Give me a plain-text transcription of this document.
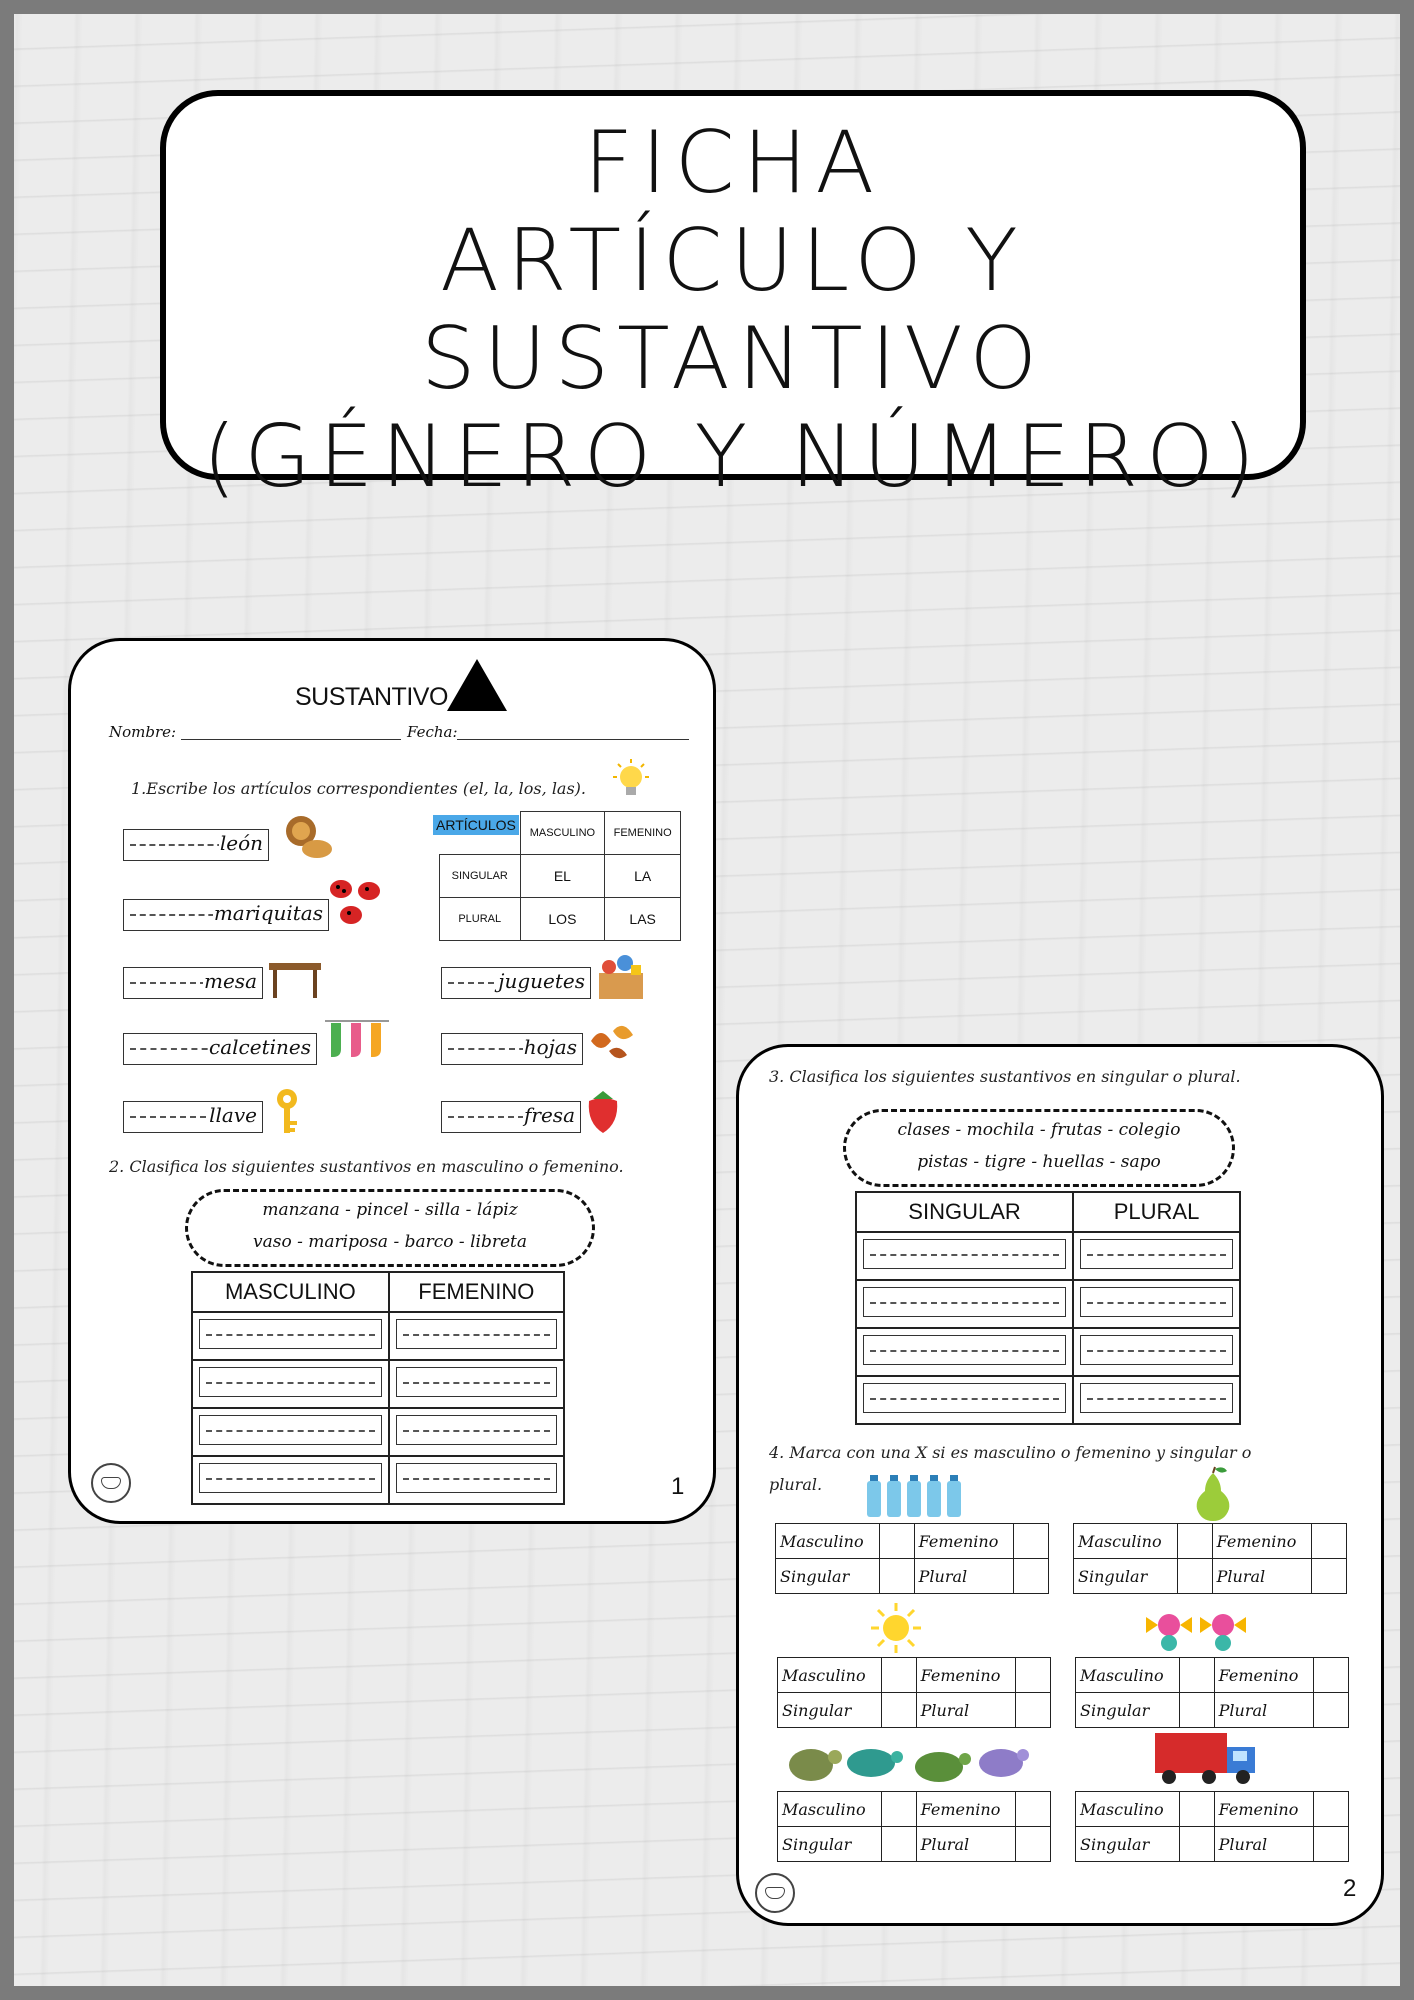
FICHA
ARTÍCULO Y SUSTANTIVO
(GÉNERO Y NÚMERO)
SUSTANTIVO
Nombre:	Fecha:
1.Escribe los artículos correspondientes (el, la, los, las).
león
mariquitas
mesa
calcetines
llave
ARTÍCULOS
	MASCULINO	FEMENINO
SINGULAR	EL	LA
PLURAL	LOS	LAS
juguetes
hojas
fresa
2. Clasifica los siguientes sustantivos en masculino o femenino.
manzana - pincel - silla - lápiz
vaso - mariposa - barco - libreta
MASCULINO	FEMENINO

1
3. Clasifica los siguientes sustantivos en singular o plural.
clases - mochila - frutas - colegio
pistas - tigre - huellas - sapo
SINGULAR	PLURAL

4. Marca con una X si es masculino o femenino y singular o
plural.
Masculino		Femenino	
Singular		Plural	
Masculino		Femenino	
Singular		Plural	
Masculino		Femenino	
Singular		Plural	
Masculino		Femenino	
Singular		Plural	
Masculino		Femenino	
Singular		Plural	
Masculino		Femenino	
Singular		Plural	
2
